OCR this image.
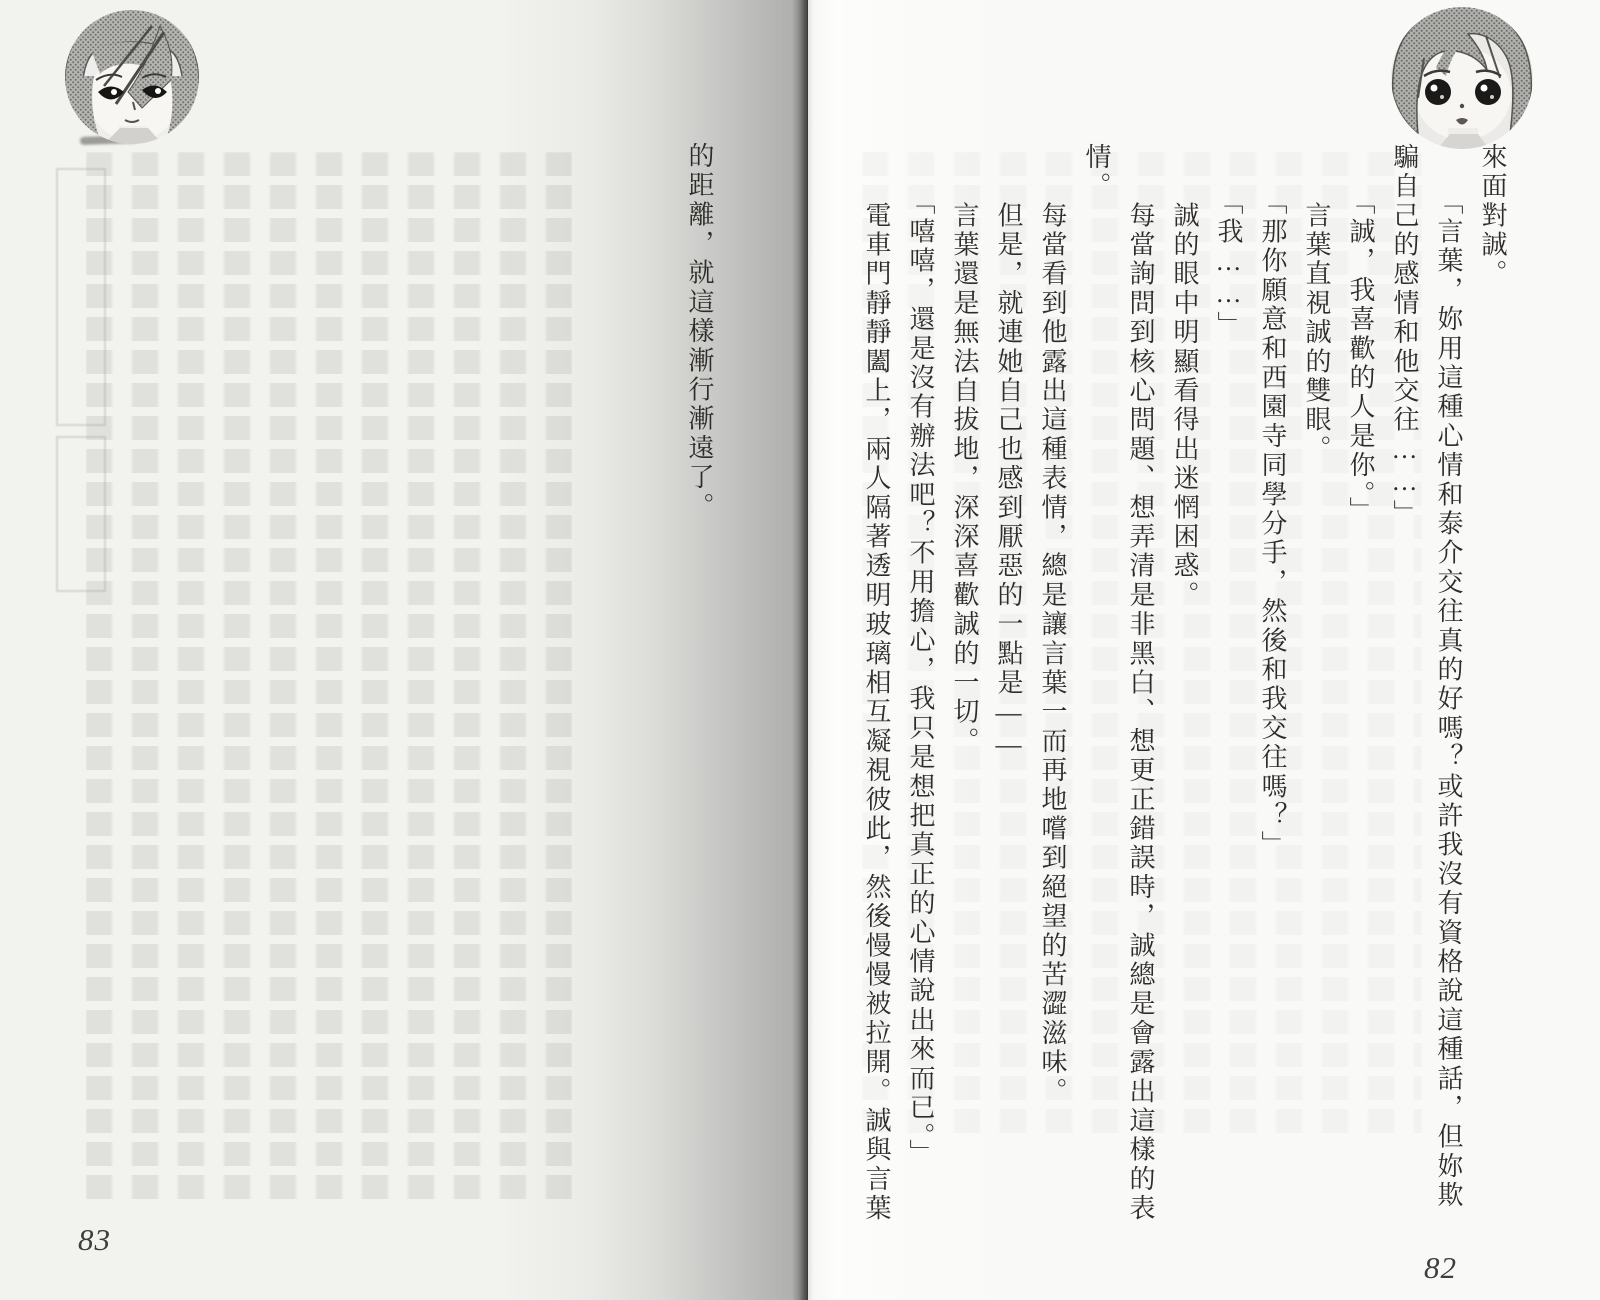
來面對誠。

　　「言葉，妳用這種心情和泰介交往真的好嗎？或許我沒有資格說這種話，但妳欺

騙自己的感情和他交往……」

　　「誠，我喜歡的人是你。」

　　言葉直視誠的雙眼。

　　「那你願意和西園寺同學分手，然後和我交往嗎？」

　　「我……」

　　誠的眼中明顯看得出迷惘困惑。

　　每當詢問到核心問題、想弄清是非黑白、想更正錯誤時，誠總是會露出這樣的表

情。

　　每當看到他露出這種表情，總是讓言葉一而再地嚐到絕望的苦澀滋味。

　　但是，就連她自己也感到厭惡的一點是——

　　言葉還是無法自拔地，深深喜歡誠的一切。

　　「嘻嘻，還是沒有辦法吧？不用擔心，我只是想把真正的心情說出來而已。」

　　電車門靜靜闔上，兩人隔著透明玻璃相互凝視彼此，然後慢慢被拉開。誠與言葉

的距離，就這樣漸行漸遠了。

83
82
